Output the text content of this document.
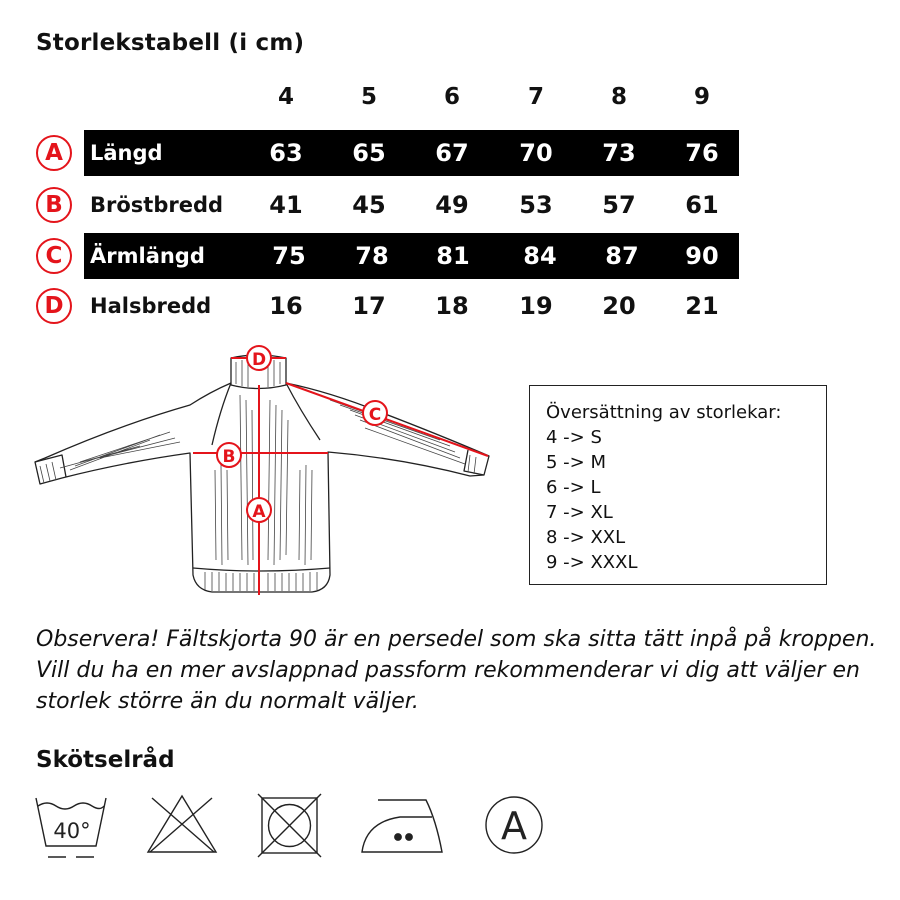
Storlekstabell (i cm)
4	5	6	7	8	9
A	Längd	63	65	67	70	73	76
B	Bröstbredd	41	45	49	53	57	61
C	Ärmlängd	75	78	81	84	87	90
D	Halsbredd	16	17	18	19	20	21
D
C
B
A
Översättning av storlekar:
4 -> S
5 -> M
6 -> L
7 -> XL
8 -> XXL
9 -> XXXL
Observera! Fältskjorta 90 är en persedel som ska sitta tätt inpå på kroppen. Vill du ha en mer avslappnad passform rekommenderar vi dig att väljer en storlek större än du normalt väljer.
Skötselråd
40°	A
